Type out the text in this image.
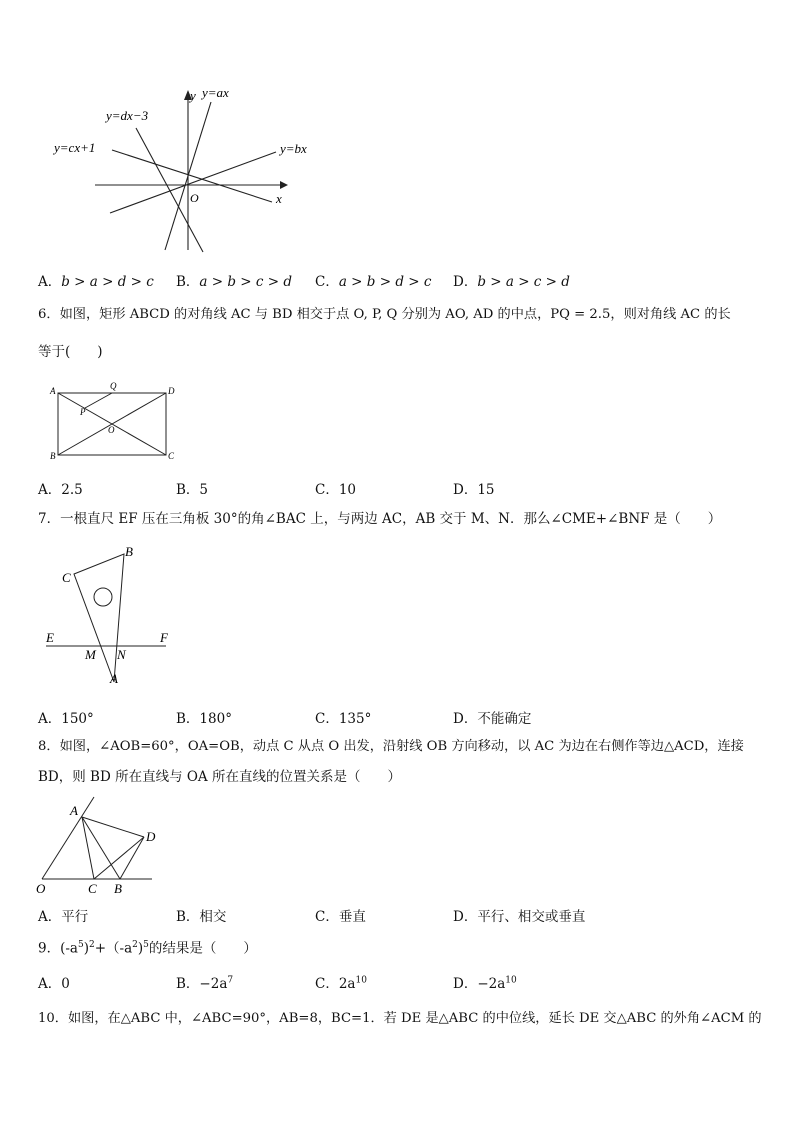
y
x
O
y=ax
y=dx−3
y=cx+1	y=bx
A．b > a > d > c B．a > b > c > d C．a > b > d > c D．b > a > c > d
6．如图，矩形 ABCD 的对角线 AC 与 BD 相交于点 O, P, Q 分别为 AO, AD 的中点，PQ = 2.5，则对角线 AC 的长
等于(　　)
A	D
B	C
Q
P
O
A．2.5	B．5	C．10	D．15
7．一根直尺 EF 压在三角板 30°的角∠BAC 上，与两边 AC，AB 交于 M、N．那么∠CME+∠BNF 是（　　）
B
C
E	F
M N
A
A．150°	B．180°	C．135°	D．不能确定
8．如图，∠AOB=60°，OA=OB，动点 C 从点 O 出发，沿射线 OB 方向移动，以 AC 为边在右侧作等边△ACD，连接
BD，则 BD 所在直线与 OA 所在直线的位置关系是（　　）
A
D
O	C B
A．平行	B．相交	C．垂直	D．平行、相交或垂直
9．$(-a^5)^2+(-a^2)^5$的结果是（　　）
A．0	B．$-2a^7$	C．$2a^{10}$	D．$-2a^{10}$
10．如图，在△ABC 中，∠ABC=90°，AB=8，BC=1．若 DE 是△ABC 的中位线，延长 DE 交△ABC 的外角∠ACM 的
